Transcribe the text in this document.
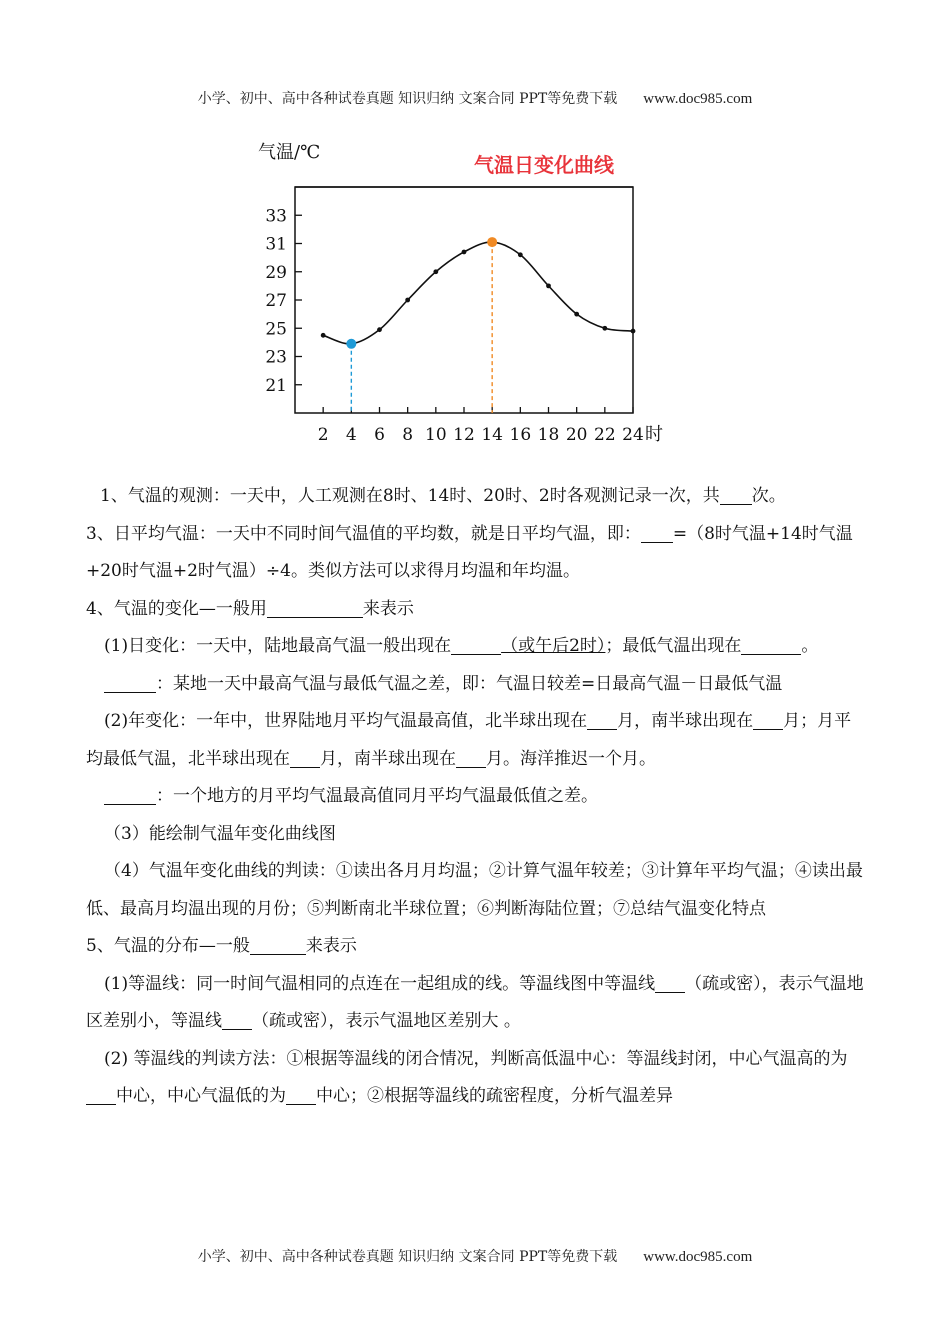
小学、初中、高中各种试卷真题 知识归纳 文案合同 PPT等免费下载 www.doc985.com
气温/℃
气温日变化曲线
21
23
25
27
29
31
33
2 4 6 8 10 12 14 16 18 20 22 24 时

1、气温的观测：一天中，人工观测在8时、14时、20时、2时各观测记录一次，共 次。

3、日平均气温：一天中不同时间气温值的平均数，就是日平均气温，即： =（8时气温+14时气温+20时气温+2时气温）÷4。类似方法可以求得月均温和年均温。

4、气温的变化—一般用	来表示

(1)日变化：一天中，陆地最高气温一般出现在	（或午后2时）；最低气温出现在	。

：某地一天中最高气温与最低气温之差，即：气温日较差=日最高气温－日最低气温

(2)年变化：一年中，世界陆地月平均气温最高值，北半球出现在 月，南半球出现在 月；月平均最低气温，北半球出现在 月，南半球出现在 月。海洋推迟一个月。

：一个地方的月平均气温最高值同月平均气温最低值之差。

（3）能绘制气温年变化曲线图

（4）气温年变化曲线的判读：①读出各月月均温；②计算气温年较差；③计算年平均气温；④读出最低、最高月均温出现的月份；⑤判断南北半球位置；⑥判断海陆位置；⑦总结气温变化特点

5、气温的分布—一般	来表示

(1)等温线：同一时间气温相同的点连在一起组成的线。等温线图中等温线 （疏或密），表示气温地区差别小，等温线 （疏或密），表示气温地区差别大 。

(2) 等温线的判读方法：①根据等温线的闭合情况，判断高低温中心：等温线封闭，中心气温高的为中心，中心气温低的为 中心；②根据等温线的疏密程度，分析气温差异

小学、初中、高中各种试卷真题 知识归纳 文案合同 PPT等免费下载 www.doc985.com
